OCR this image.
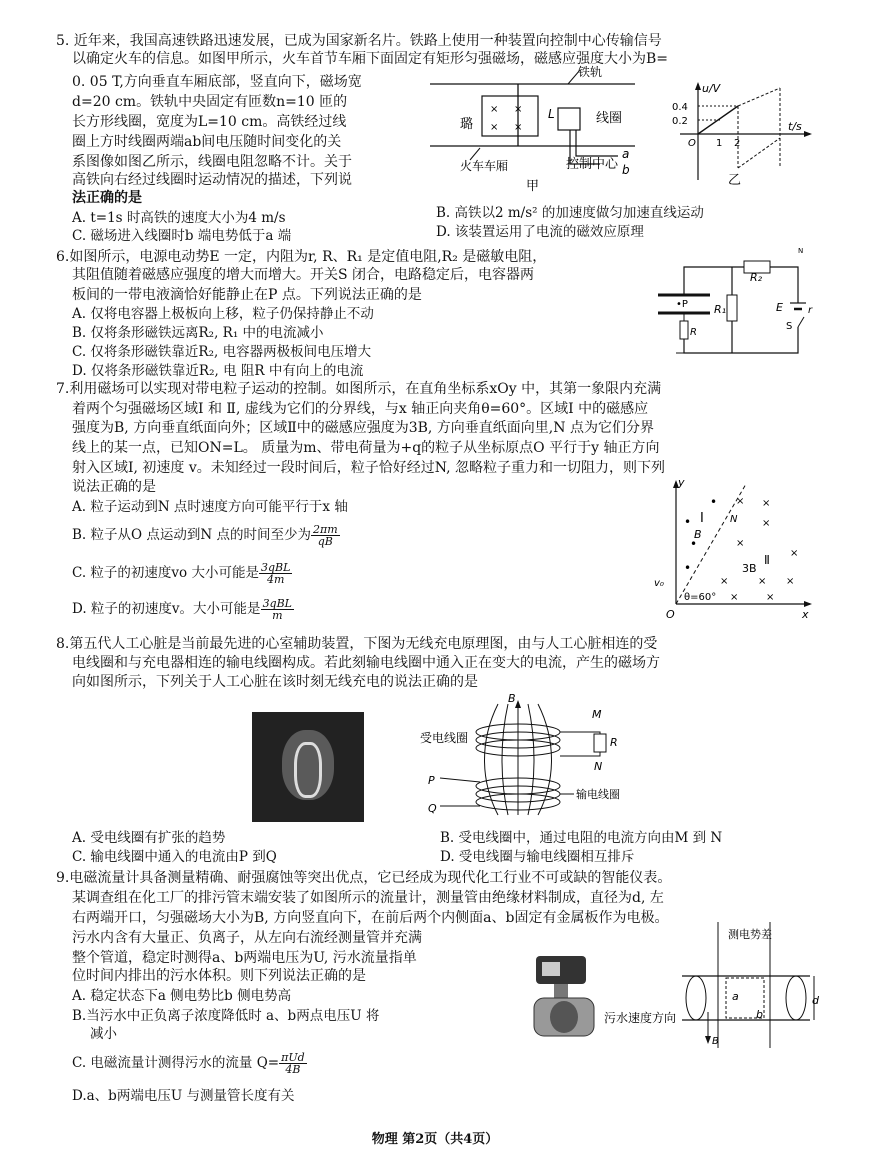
5. 近年来，我国高速铁路迅速发展，已成为国家新名片。铁路上使用一种装置向控制中心传输信号
以确定火车的信息。如图甲所示，火车首节车厢下面固定有矩形匀强磁场，磁感应强度大小为B=
0. 05 T,方向垂直车厢底部，竖直向下，磁场宽
d=20 cm。铁轨中央固定有匝数n=10 匝的
长方形线圈，宽度为L=10 cm。高铁经过线
圈上方时线圈两端ab间电压随时间变化的关
系图像如图乙所示，线圈电阻忽略不计。关于
高铁向右经过线圈时运动情况的描述，下列说
法正确的是
A. t=1s 时高铁的速度大小为4 m/s	B. 高铁以2 m/s² 的加速度做匀加速直线运动
C. 磁场进入线圈时b 端电势低于a 端	D. 该装置运用了电流的磁效应原理
× ×
× ×
铁轨
璐
L	线圈
控制中心
a
b
火车车厢
甲
u/V
t/s
0.4
0.2
O 1 2
乙
6.如图所示，电源电动势E 一定，内阻为r, R、R₁ 是定值电阻,R₂ 是磁敏电阻，
其阻值随着磁感应强度的增大而增大。开关S 闭合，电路稳定后，电容器两
板间的一带电液滴恰好能静止在P 点。下列说法正确的是
A. 仅将电容器上极板向上移，粒子仍保持静止不动
B. 仅将条形磁铁远离R₂, R₁ 中的电流减小
C. 仅将条形磁铁靠近R₂, 电容器两极板间电压增大
D. 仅将条形磁铁靠近R₂, 电 阻R 中有向上的电流
R₂
R₁
•P
R
E	r
S
N
7.利用磁场可以实现对带电粒子运动的控制。如图所示，在直角坐标系xOy 中，其第一象限内充满
着两个匀强磁场区域Ⅰ 和 Ⅱ, 虚线为它们的分界线，与x 轴正向夹角θ=60°。区域Ⅰ 中的磁感应
强度为B, 方向垂直纸面向外；区域Ⅱ中的磁感应强度为3B, 方向垂直纸面向里,N 点为它们分界
线上的某一点，已知ON=L。 质量为m、带电荷量为+q的粒子从坐标原点O 平行于y 轴正方向
射入区域I, 初速度 v。未知经过一段时间后，粒子恰好经过N, 忽略粒子重力和一切阻力，则下列
说法正确的是
A. 粒子运动到N 点时速度方向可能平行于x 轴
B. 粒子从O 点运动到N 点的时间至少为 $\frac{2\pi m}{qB}$
C. 粒子的初速度vo 大小可能是 $\frac{\text{3qBL}}{4m}$
D. 粒子的初速度v。大小可能是 $\frac{\text{3qBL}}{m}$
y
x
O
•
•
•
•
Ⅰ
B
N
Ⅱ
3B
× ×
×
×
×
×	× ×
×	×
v₀
θ=60°
8.第五代人工心脏是当前最先进的心室辅助装置，下图为无线充电原理图，由与人工心脏相连的受
电线圈和与充电器相连的输电线圈构成。若此刻输电线圈中通入正在变大的电流，产生的磁场方
向如图所示，下列关于人工心脏在该时刻无线充电的说法正确的是
B
R
M
N
受电线圈
P
Q
输电线圈
A. 受电线圈有扩张的趋势	B. 受电线圈中，通过电阻的电流方向由M 到 N
C. 输电线圈中通入的电流由P 到Q	D. 受电线圈与输电线圈相互排斥
9.电磁流量计具备测量精确、耐强腐蚀等突出优点，它已经成为现代化工行业不可或缺的智能仪表。
某调查组在化工厂的排污管末端安装了如图所示的流量计，测量管由绝缘材料制成，直径为d, 左
右两端开口，匀强磁场大小为B, 方向竖直向下，在前后两个内侧面a、b固定有金属板作为电极。
污水内含有大量正、负离子，从左向右流经测量管并充满
整个管道，稳定时测得a、b两端电压为U, 污水流量指单
位时间内排出的污水体积。则下列说法正确的是
A. 稳定状态下a 侧电势比b 侧电势高
B.当污水中正负离子浓度降低时 a、b两点电压U 将
减小
C. 电磁流量计测得污水的流量 $Q= \frac{\text{πUd}}{4B}$
D.a、b两端电压U 与测量管长度有关
测电势差
a
b
d
B
污水速度方向
物理 第2页（共4页）
